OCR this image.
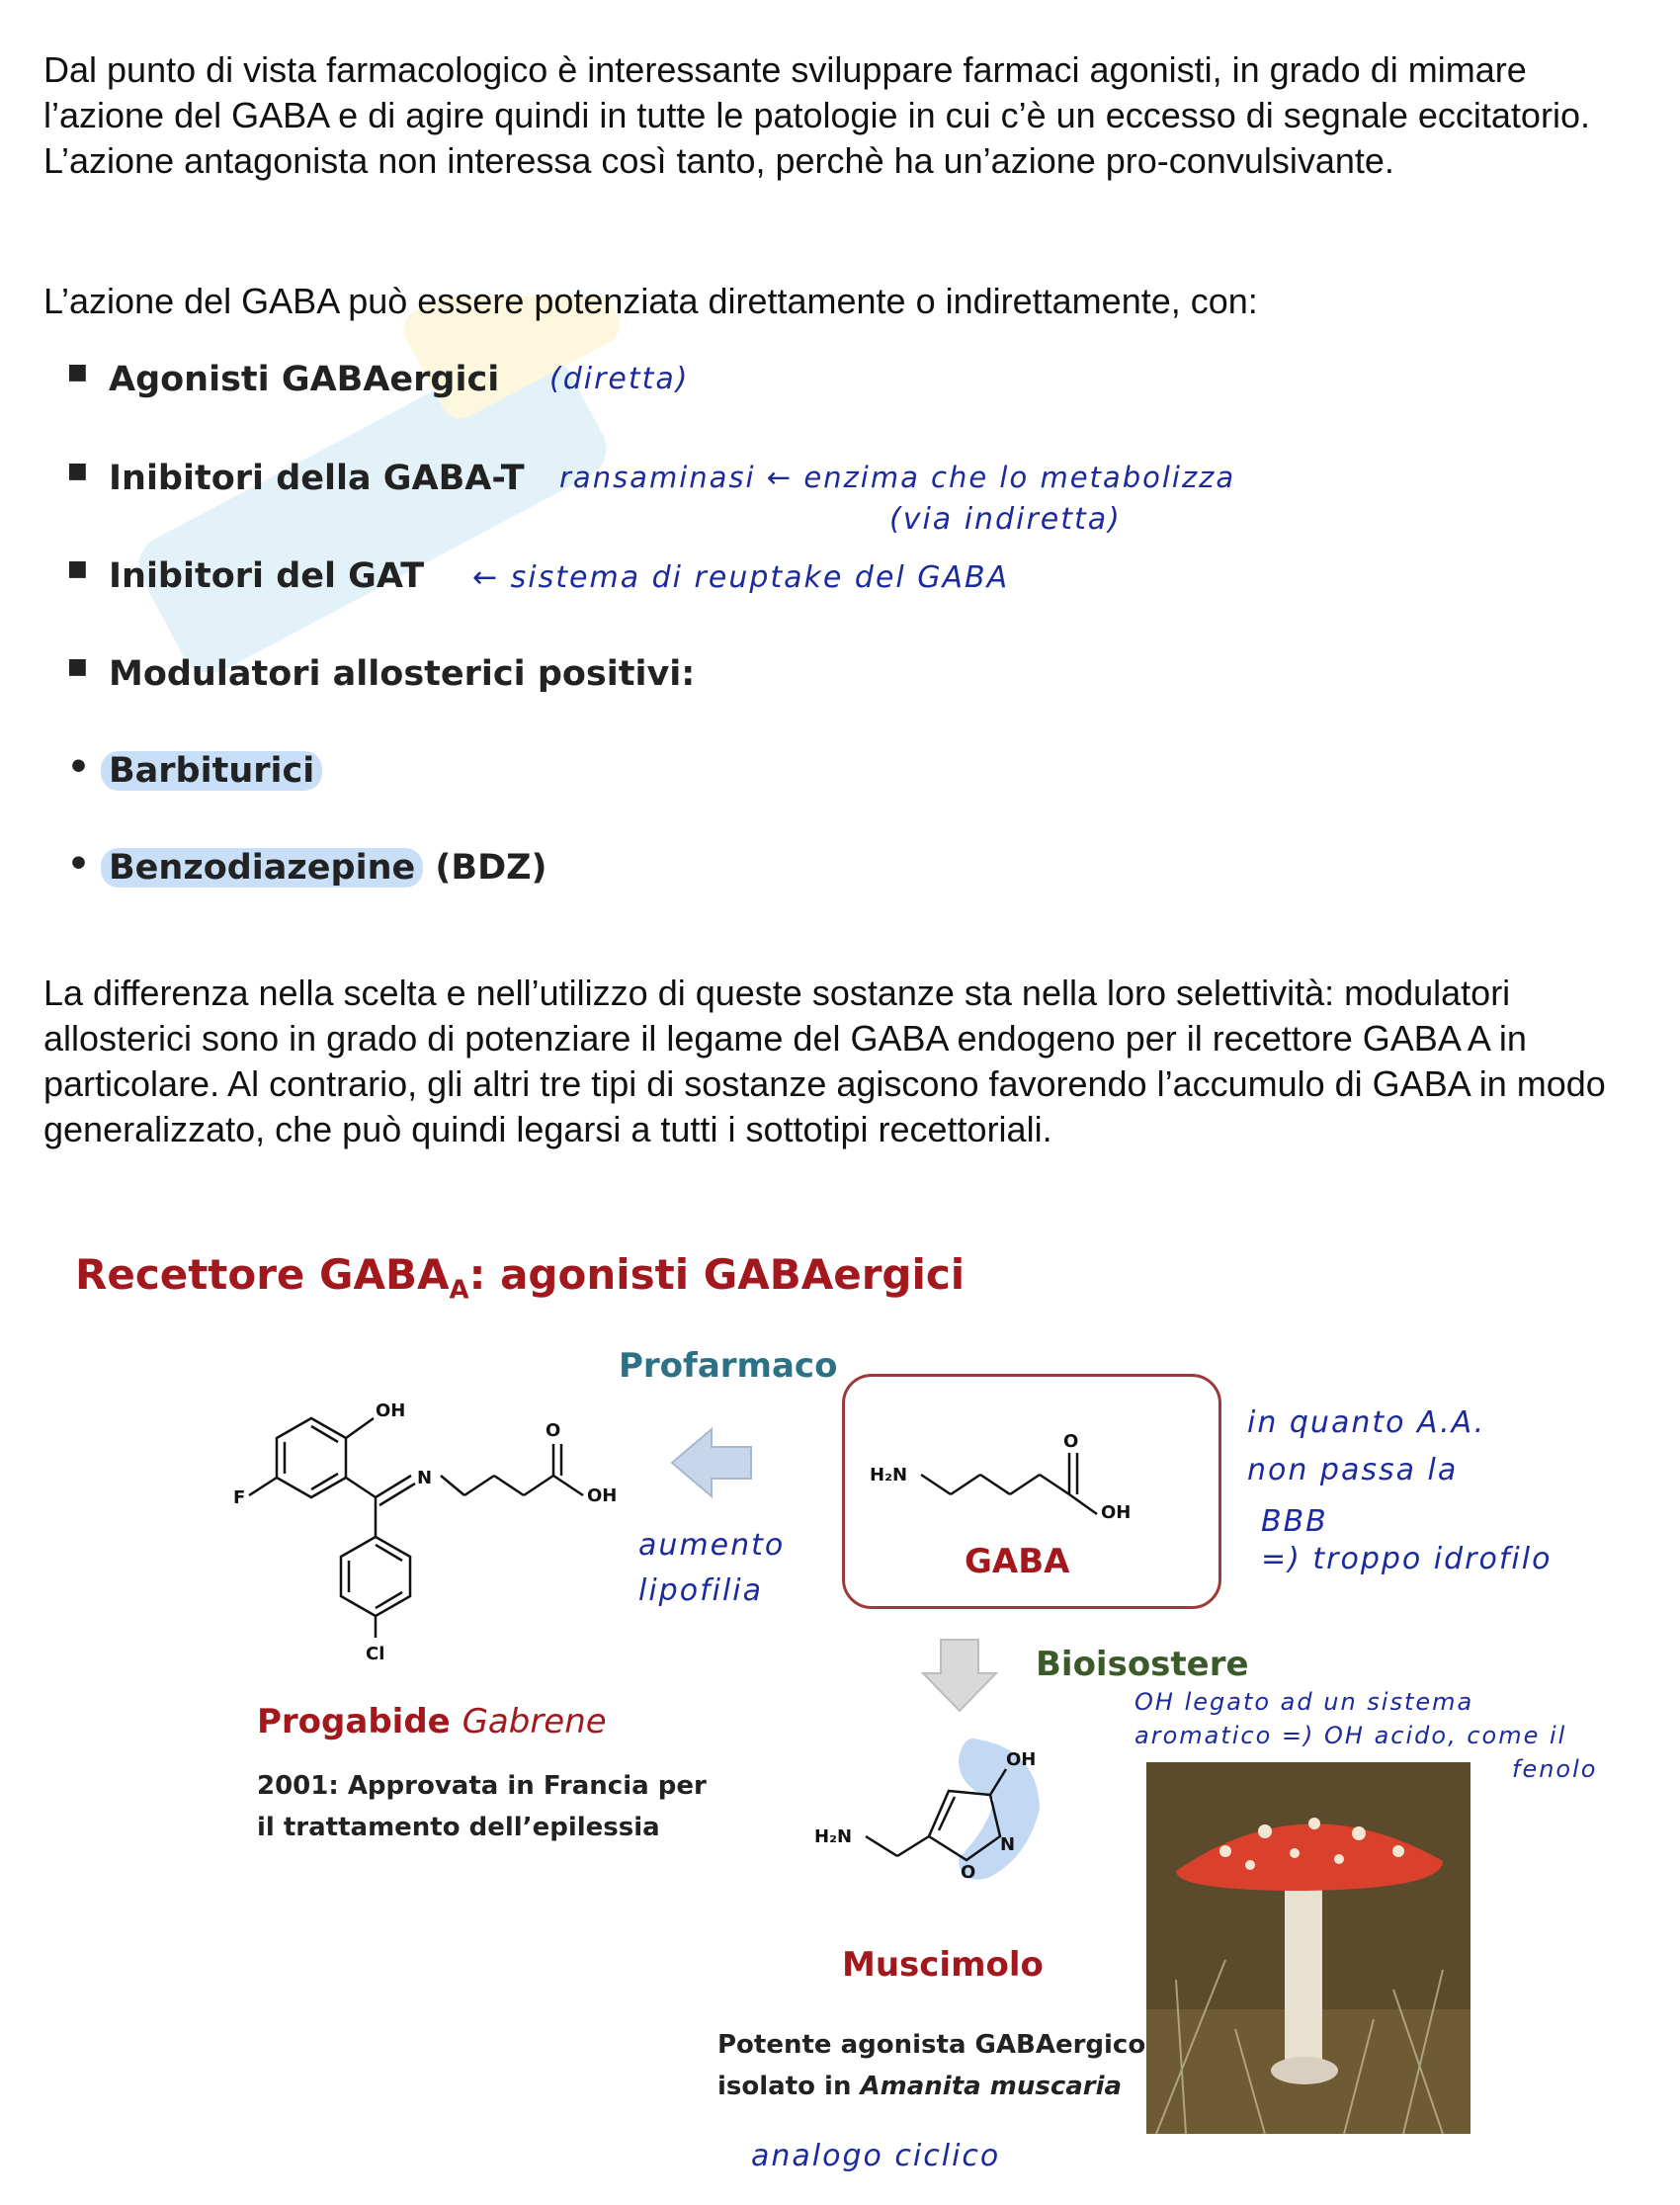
Dal punto di vista farmacologico è interessante sviluppare farmaci agonisti, in grado di mimare l’azione del GABA e di agire quindi in tutte le patologie in cui c’è un eccesso di segnale eccitatorio. L’azione antagonista non interessa così tanto, perchè ha un’azione pro-convulsivante.

L’azione del GABA può essere potenziata direttamente o indirettamente, con:

■ Agonisti GABAergici (diretta)
■ Inibitori della GABA-T ransaminasi ← enzima che lo metabolizza
(via indiretta)
■ Inibitori del GAT ← sistema di reuptake del GABA
■ Modulatori allosterici positivi:
• Barbiturici
• Benzodiazepine (BDZ)

La differenza nella scelta e nell’utilizzo di queste sostanze sta nella loro selettività: modulatori allosterici sono in grado di potenziare il legame del GABA endogeno per il recettore GABA A in particolare. Al contrario, gli altri tre tipi di sostanze agiscono favorendo l’accumulo di GABA in modo generalizzato, che può quindi legarsi a tutti i sottotipi recettoriali.

Recettore $GABA_A$: agonisti GABAergici
Profarmaco
OH
F
N
O
OH
Cl
aumento
lipofilia
H₂N
O
OH
GABA
in quanto A.A.
non passa la
BBB
=) troppo idrofilo
Bioisostere
OH legato ad un sistema
aromatico =) OH acido, come il
fenolo
H₂N
OH
N
O
Muscimolo
Potente agonista GABAergico
isolato in Amanita muscaria
analogo ciclico
Progabide Gabrene
2001: Approvata in Francia per
il trattamento dell’epilessia
